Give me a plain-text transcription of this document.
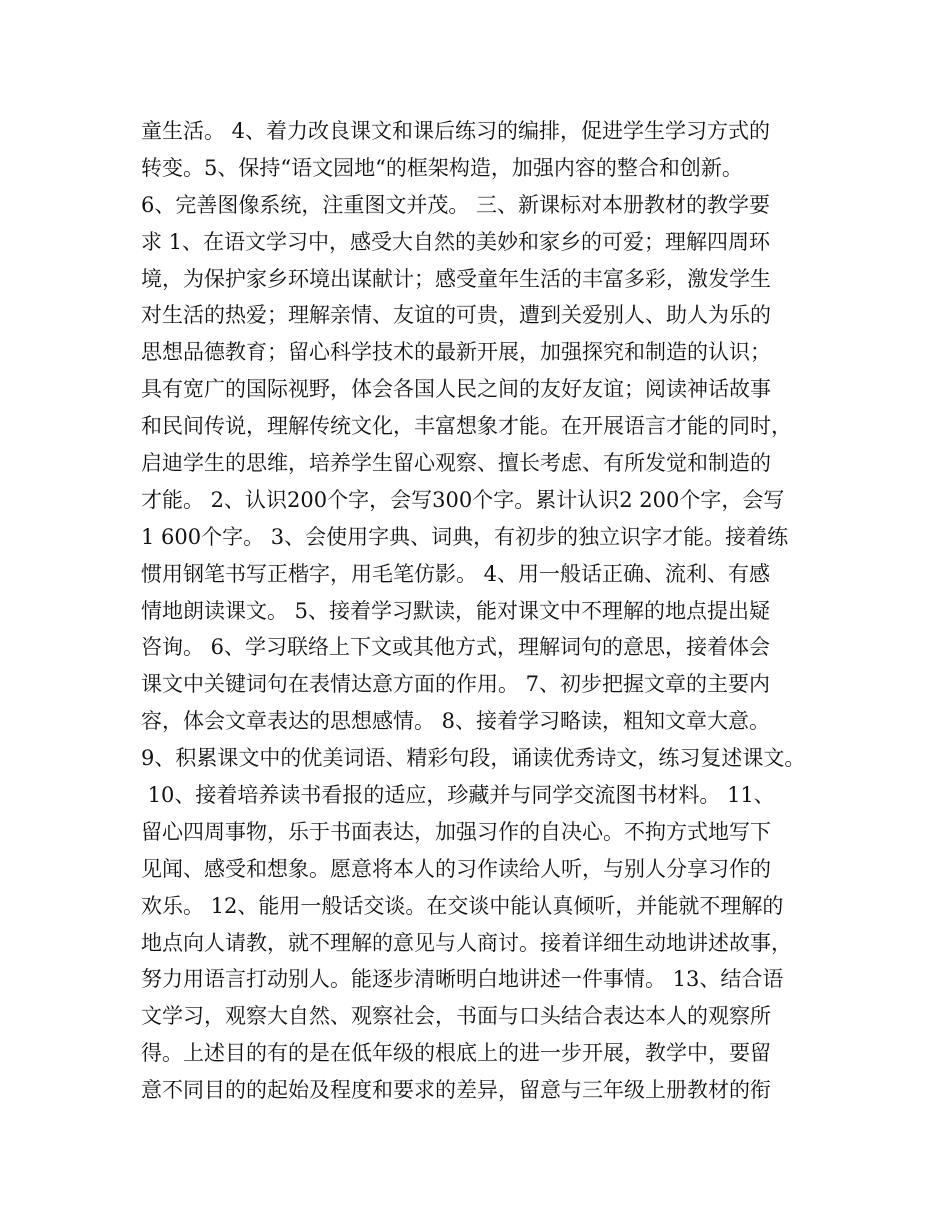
童生活。 4、着力改良课文和课后练习的编排，促进学生学习方式的
转变。5、保持“语文园地“的框架构造，加强内容的整合和创新。
6、完善图像系统，注重图文并茂。 三、新课标对本册教材的教学要
求 1、在语文学习中，感受大自然的美妙和家乡的可爱；理解四周环
境，为保护家乡环境出谋献计；感受童年生活的丰富多彩，激发学生
对生活的热爱；理解亲情、友谊的可贵，遭到关爱别人、助人为乐的
思想品德教育；留心科学技术的最新开展，加强探究和制造的认识；
具有宽广的国际视野，体会各国人民之间的友好友谊；阅读神话故事
和民间传说，理解传统文化，丰富想象才能。在开展语言才能的同时，
启迪学生的思维，培养学生留心观察、擅长考虑、有所发觉和制造的
才能。 2、认识200个字，会写300个字。累计认识2 200个字，会写
1 600个字。 3、会使用字典、词典，有初步的独立识字才能。接着练
惯用钢笔书写正楷字，用毛笔仿影。 4、用一般话正确、流利、有感
情地朗读课文。 5、接着学习默读，能对课文中不理解的地点提出疑
咨询。 6、学习联络上下文或其他方式，理解词句的意思，接着体会
课文中关键词句在表情达意方面的作用。 7、初步把握文章的主要内
容，体会文章表达的思想感情。 8、接着学习略读，粗知文章大意。
9、积累课文中的优美词语、精彩句段，诵读优秀诗文，练习复述课文。
10、接着培养读书看报的适应，珍藏并与同学交流图书材料。 11、
留心四周事物，乐于书面表达，加强习作的自决心。不拘方式地写下
见闻、感受和想象。愿意将本人的习作读给人听，与别人分享习作的
欢乐。 12、能用一般话交谈。在交谈中能认真倾听，并能就不理解的
地点向人请教，就不理解的意见与人商讨。接着详细生动地讲述故事，
努力用语言打动别人。能逐步清晰明白地讲述一件事情。 13、结合语
文学习，观察大自然、观察社会，书面与口头结合表达本人的观察所
得。上述目的有的是在低年级的根底上的进一步开展，教学中，要留
意不同目的的起始及程度和要求的差异，留意与三年级上册教材的衔
